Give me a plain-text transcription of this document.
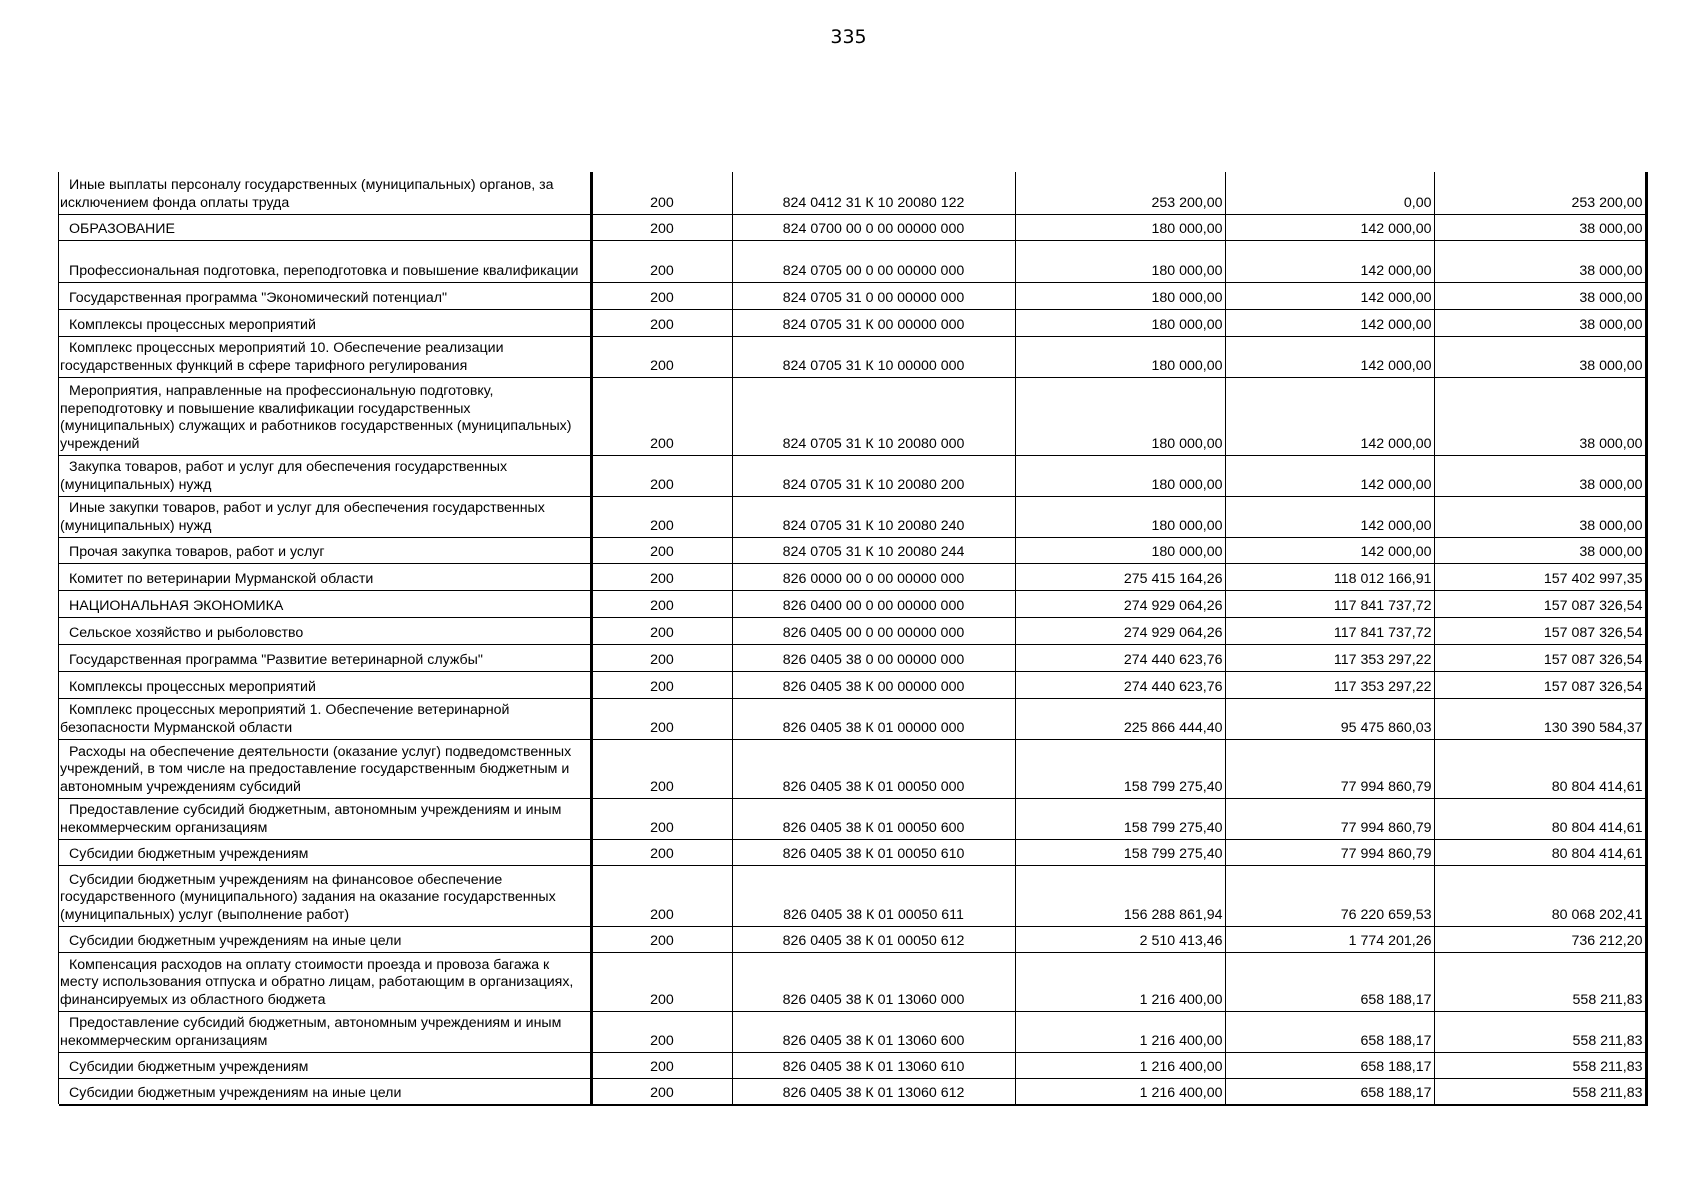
335
Иные выплаты персоналу государственных (муниципальных) органов, за исключением фонда оплаты труда	200	824 0412 31 К 10 20080 122	253 200,00	0,00	253 200,00
ОБРАЗОВАНИЕ	200	824 0700 00 0 00 00000 000	180 000,00	142 000,00	38 000,00
Профессиональная подготовка, переподготовка и повышение квалификации	200	824 0705 00 0 00 00000 000	180 000,00	142 000,00	38 000,00
Государственная программа "Экономический потенциал"	200	824 0705 31 0 00 00000 000	180 000,00	142 000,00	38 000,00
Комплексы процессных мероприятий	200	824 0705 31 К 00 00000 000	180 000,00	142 000,00	38 000,00
Комплекс процессных мероприятий 10. Обеспечение реализации государственных функций в сфере тарифного регулирования	200	824 0705 31 К 10 00000 000	180 000,00	142 000,00	38 000,00
Мероприятия, направленные на профессиональную подготовку, переподготовку и повышение квалификации государственных (муниципальных) служащих и работников государственных (муниципальных) учреждений	200	824 0705 31 К 10 20080 000	180 000,00	142 000,00	38 000,00
Закупка товаров, работ и услуг для обеспечения государственных (муниципальных) нужд	200	824 0705 31 К 10 20080 200	180 000,00	142 000,00	38 000,00
Иные закупки товаров, работ и услуг для обеспечения государственных (муниципальных) нужд	200	824 0705 31 К 10 20080 240	180 000,00	142 000,00	38 000,00
Прочая закупка товаров, работ и услуг	200	824 0705 31 К 10 20080 244	180 000,00	142 000,00	38 000,00
Комитет по ветеринарии Мурманской области	200	826 0000 00 0 00 00000 000	275 415 164,26	118 012 166,91	157 402 997,35
НАЦИОНАЛЬНАЯ ЭКОНОМИКА	200	826 0400 00 0 00 00000 000	274 929 064,26	117 841 737,72	157 087 326,54
Сельское хозяйство и рыболовство	200	826 0405 00 0 00 00000 000	274 929 064,26	117 841 737,72	157 087 326,54
Государственная программа "Развитие ветеринарной службы"	200	826 0405 38 0 00 00000 000	274 440 623,76	117 353 297,22	157 087 326,54
Комплексы процессных мероприятий	200	826 0405 38 К 00 00000 000	274 440 623,76	117 353 297,22	157 087 326,54
Комплекс процессных мероприятий 1. Обеспечение ветеринарной безопасности Мурманской области	200	826 0405 38 К 01 00000 000	225 866 444,40	95 475 860,03	130 390 584,37
Расходы на обеспечение деятельности (оказание услуг) подведомственных учреждений, в том числе на предоставление государственным бюджетным и автономным учреждениям субсидий	200	826 0405 38 К 01 00050 000	158 799 275,40	77 994 860,79	80 804 414,61
Предоставление субсидий бюджетным, автономным учреждениям и иным некоммерческим организациям	200	826 0405 38 К 01 00050 600	158 799 275,40	77 994 860,79	80 804 414,61
Субсидии бюджетным учреждениям	200	826 0405 38 К 01 00050 610	158 799 275,40	77 994 860,79	80 804 414,61
Субсидии бюджетным учреждениям на финансовое обеспечение государственного (муниципального) задания на оказание государственных (муниципальных) услуг (выполнение работ)	200	826 0405 38 К 01 00050 611	156 288 861,94	76 220 659,53	80 068 202,41
Субсидии бюджетным учреждениям на иные цели	200	826 0405 38 К 01 00050 612	2 510 413,46	1 774 201,26	736 212,20
Компенсация расходов на оплату стоимости проезда и провоза багажа к месту использования отпуска и обратно лицам, работающим в организациях, финансируемых из областного бюджета	200	826 0405 38 К 01 13060 000	1 216 400,00	658 188,17	558 211,83
Предоставление субсидий бюджетным, автономным учреждениям и иным некоммерческим организациям	200	826 0405 38 К 01 13060 600	1 216 400,00	658 188,17	558 211,83
Субсидии бюджетным учреждениям	200	826 0405 38 К 01 13060 610	1 216 400,00	658 188,17	558 211,83
Субсидии бюджетным учреждениям на иные цели	200	826 0405 38 К 01 13060 612	1 216 400,00	658 188,17	558 211,83
